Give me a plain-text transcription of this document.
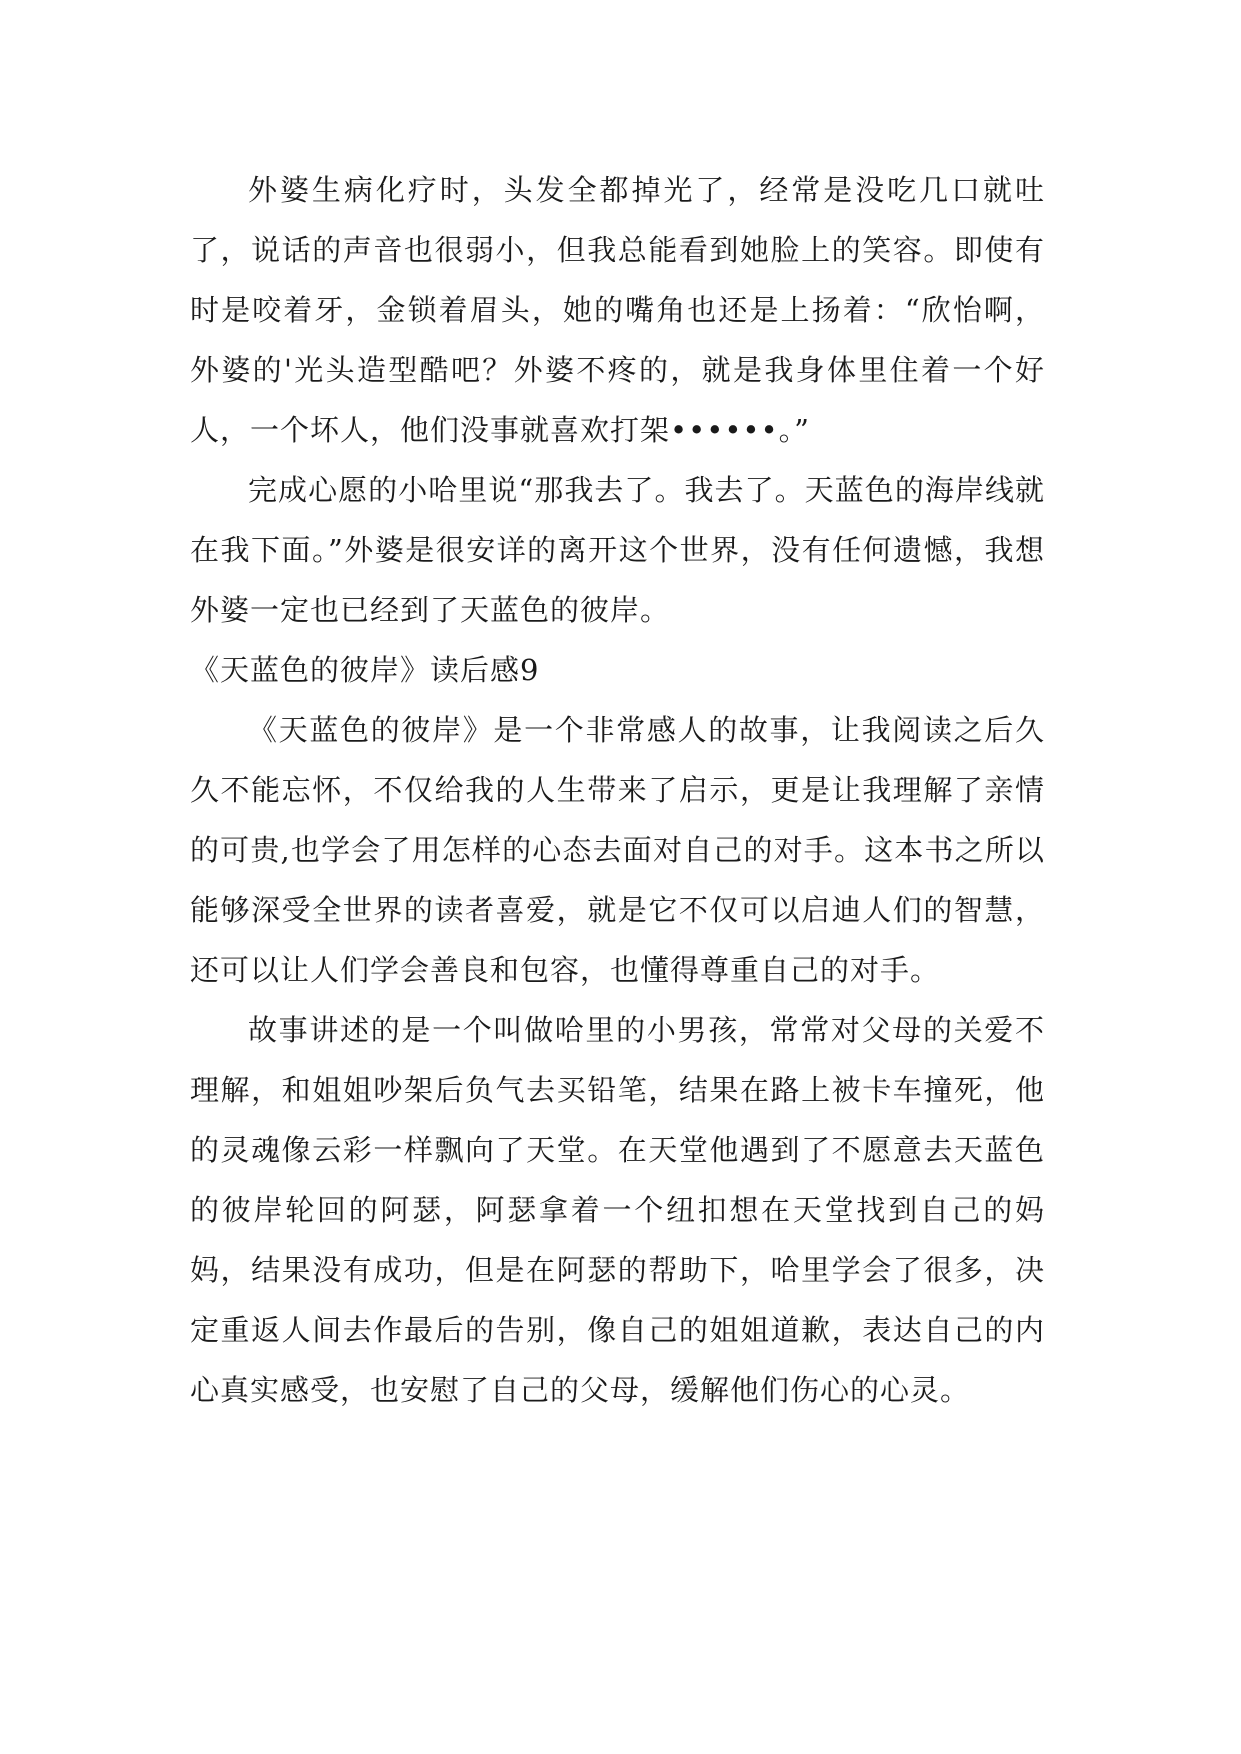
外婆生病化疗时，头发全都掉光了，经常是没吃几口就吐了，说话的声音也很弱小，但我总能看到她脸上的笑容。即使有时是咬着牙，金锁着眉头，她的嘴角也还是上扬着：“欣怡啊，外婆的'光头造型酷吧？外婆不疼的，就是我身体里住着一个好人，一个坏人，他们没事就喜欢打架••••••。”

完成心愿的小哈里说“那我去了。我去了。天蓝色的海岸线就在我下面。”外婆是很安详的离开这个世界，没有任何遗憾，我想外婆一定也已经到了天蓝色的彼岸。

《天蓝色的彼岸》读后感9

《天蓝色的彼岸》是一个非常感人的故事，让我阅读之后久久不能忘怀，不仅给我的人生带来了启示，更是让我理解了亲情的可贵,也学会了用怎样的心态去面对自己的对手。这本书之所以能够深受全世界的读者喜爱，就是它不仅可以启迪人们的智慧，还可以让人们学会善良和包容，也懂得尊重自己的对手。

故事讲述的是一个叫做哈里的小男孩，常常对父母的关爱不理解，和姐姐吵架后负气去买铅笔，结果在路上被卡车撞死，他的灵魂像云彩一样飘向了天堂。在天堂他遇到了不愿意去天蓝色的彼岸轮回的阿瑟，阿瑟拿着一个纽扣想在天堂找到自己的妈妈，结果没有成功，但是在阿瑟的帮助下，哈里学会了很多，决定重返人间去作最后的告别，像自己的姐姐道歉，表达自己的内心真实感受，也安慰了自己的父母，缓解他们伤心的心灵。
